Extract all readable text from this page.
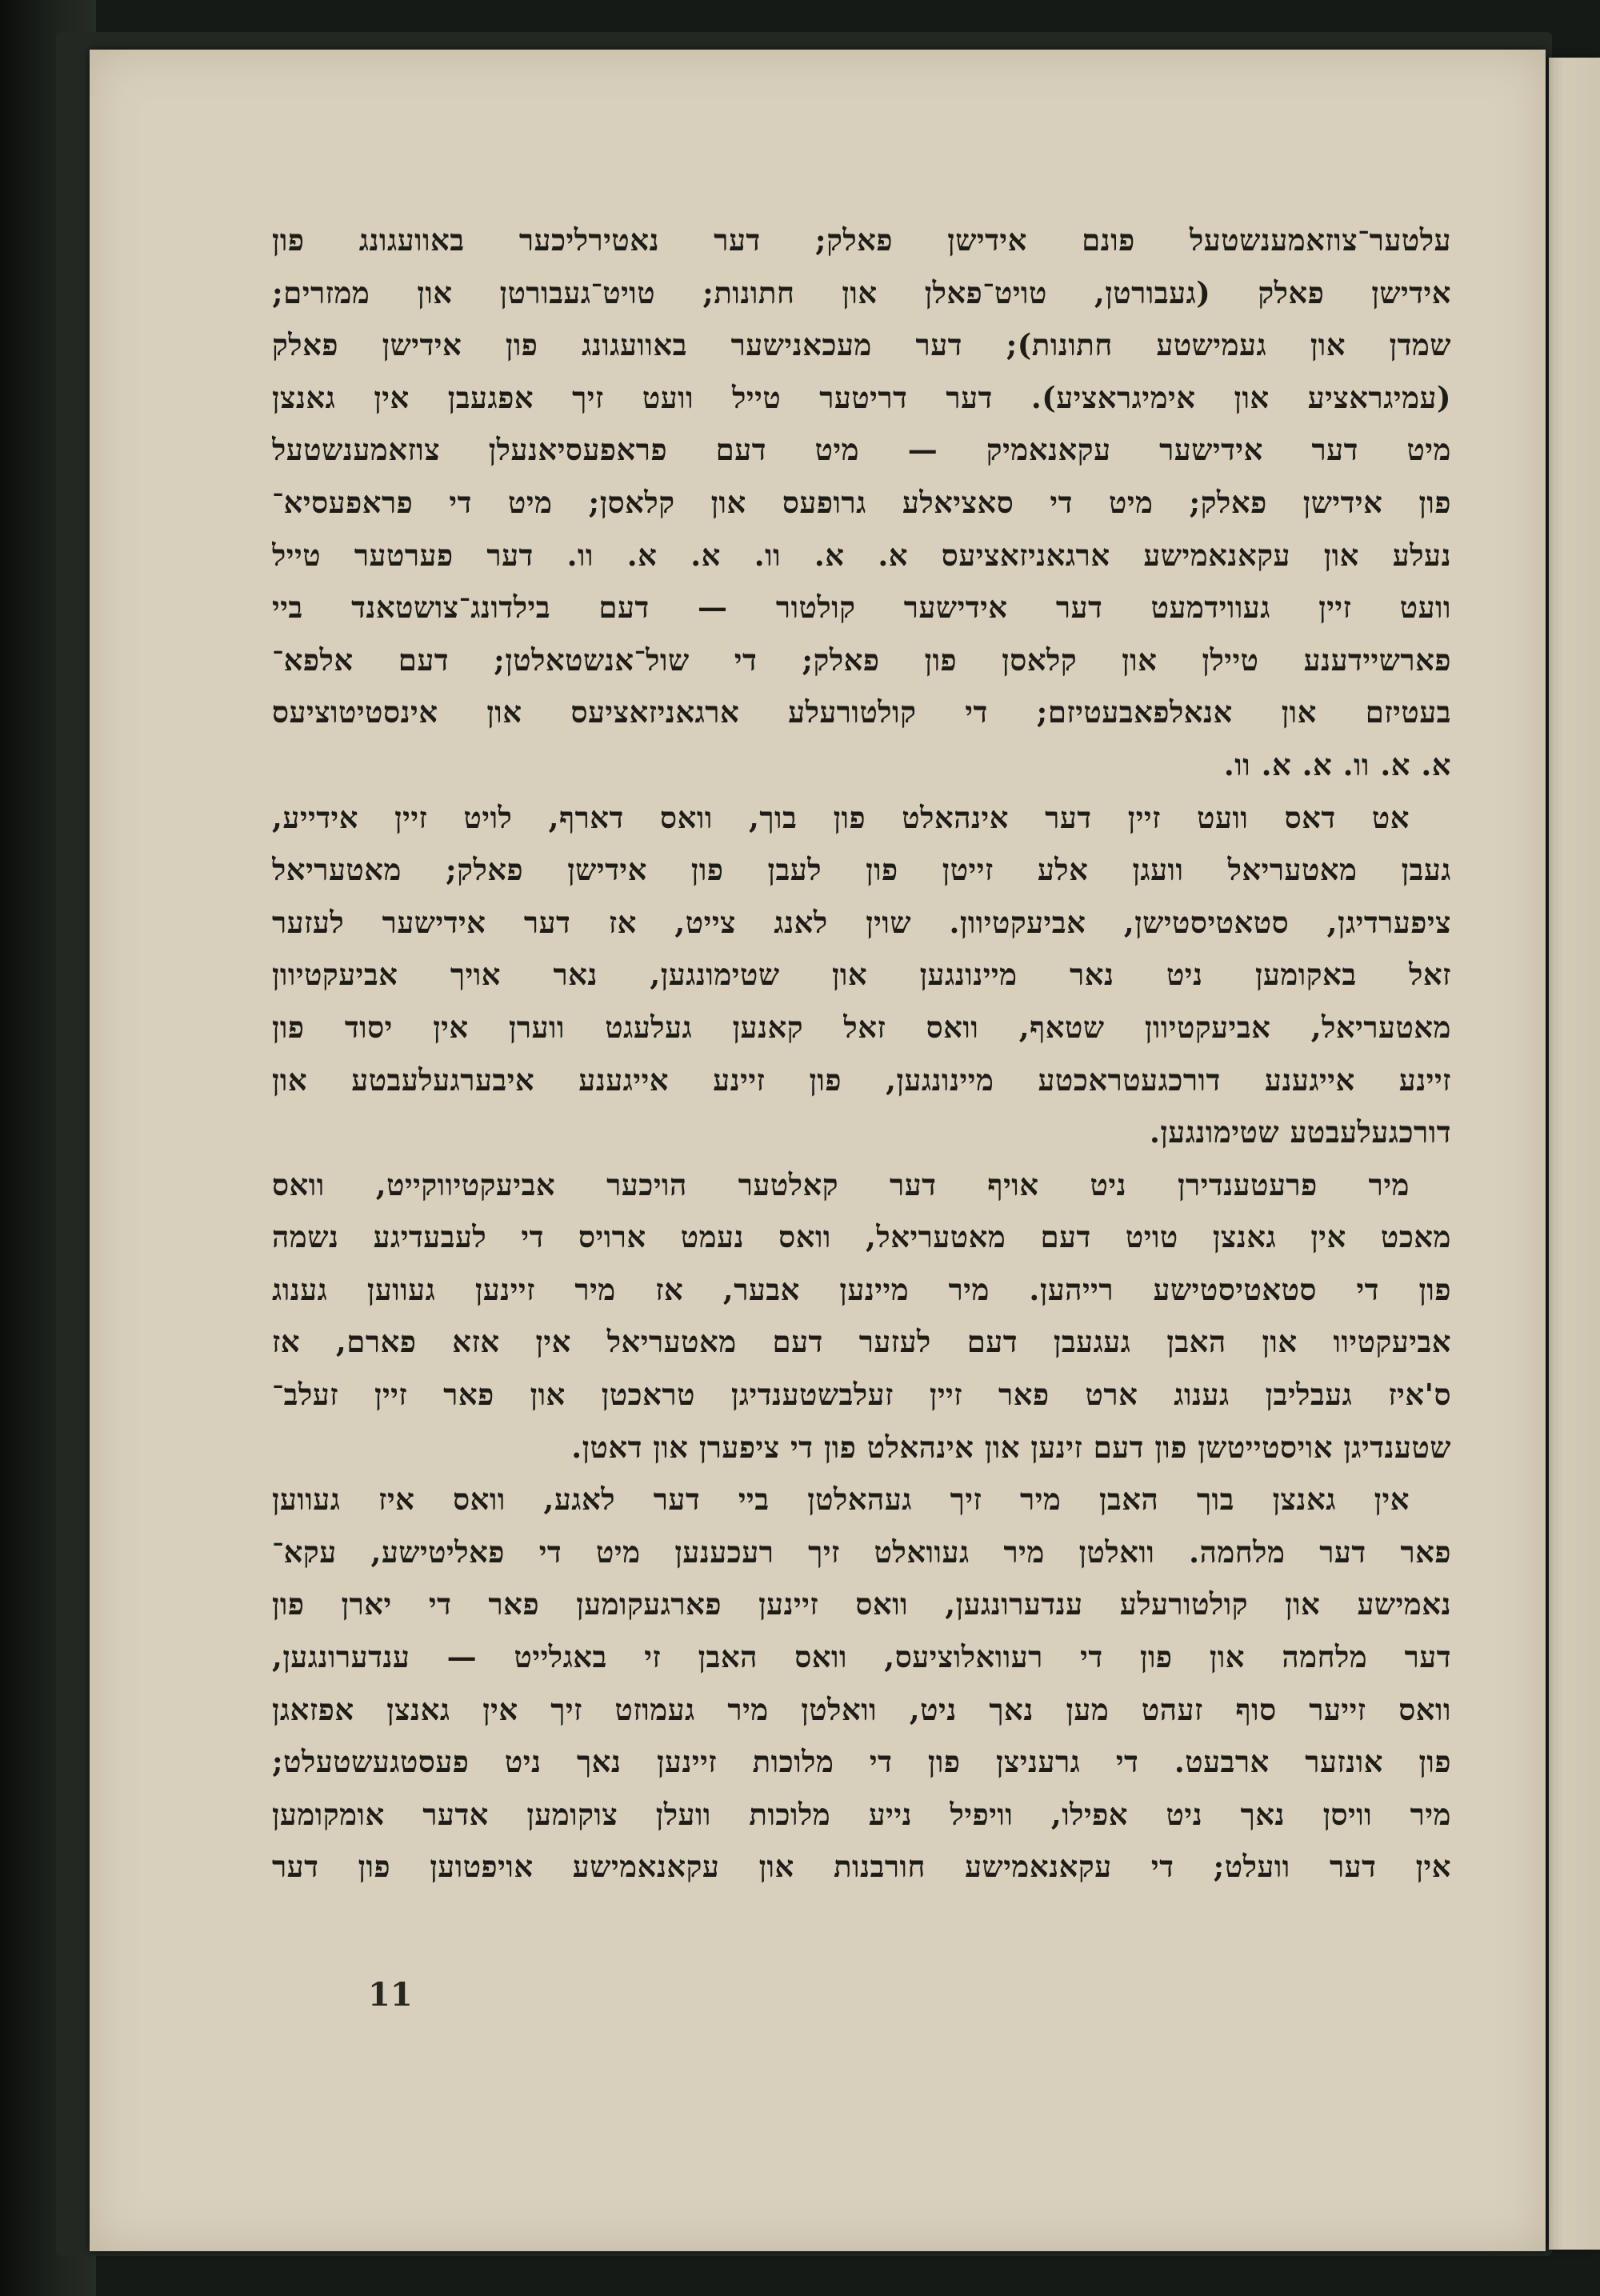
עלטער־צוזאמענשטעל פונם אידישן פאלק; דער נאטירליכער באוועגונג פון
אידישן פאלק (געבורטן, טויט־פאלן און חתונות; טויט־געבורטן און ממזרים;
שמדן און געמישטע חתונות); דער מעכאנישער באוועגונג פון אידישן פאלק
(עמיגראציע און אימיגראציע). דער דריטער טייל וועט זיך אפגעבן אין גאנצן
מיט דער אידישער עקאנאמיק — מיט דעם פראפעסיאנעלן צוזאמענשטעל
פון אידישן פאלק; מיט די סאציאלע גרופעס און קלאסן; מיט די פראפעסיא־
נעלע און עקאנאמישע ארגאניזאציעס א. א. וו. א. א. וו. דער פערטער טייל
וועט זיין געווידמעט דער אידישער קולטור — דעם בילדונג־צושטאנד ביי
פארשיידענע טיילן און קלאסן פון פאלק; די שול־אנשטאלטן; דעם אלפא־
בעטיזם און אנאלפאבעטיזם; די קולטורעלע ארגאניזאציעס און אינסטיטוציעס
א. א. וו. א. א. וו.
אט דאס וועט זיין דער אינהאלט פון בוך, וואס דארף, לויט זיין אידייע,
געבן מאטעריאל וועגן אלע זייטן פון לעבן פון אידישן פאלק; מאטעריאל
ציפערדיגן, סטאטיסטישן, אביעקטיוון. שוין לאנג צייט, אז דער אידישער לעזער
זאל באקומען ניט נאר מיינונגען און שטימונגען, נאר אויך אביעקטיוון
מאטעריאל, אביעקטיוון שטאף, וואס זאל קאנען געלעגט ווערן אין יסוד פון
זיינע אייגענע דורכגעטראכטע מיינונגען, פון זיינע אייגענע איבערגעלעבטע און
דורכגעלעבטע שטימונגען.
מיר פרעטענדירן ניט אויף דער קאלטער הויכער אביעקטיווקייט, וואס
מאכט אין גאנצן טויט דעם מאטעריאל, וואס נעמט ארויס די לעבעדיגע נשמה
פון די סטאטיסטישע רייהען. מיר מיינען אבער, אז מיר זיינען געווען גענוג
אביעקטיוו און האבן געגעבן דעם לעזער דעם מאטעריאל אין אזא פארם, אז
ס'איז געבליבן גענוג ארט פאר זיין זעלבשטענדיגן טראכטן און פאר זיין זעלב־
שטענדיגן אויסטייטשן פון דעם זינען און אינהאלט פון די ציפערן און דאטן.
אין גאנצן בוך האבן מיר זיך געהאלטן ביי דער לאגע, וואס איז געווען
פאר דער מלחמה. וואלטן מיר געוואלט זיך רעכענען מיט די פאליטישע, עקא־
נאמישע און קולטורעלע ענדערונגען, וואס זיינען פארגעקומען פאר די יארן פון
דער מלחמה און פון די רעוואלוציעס, וואס האבן זי באגלייט — ענדערונגען,
וואס זייער סוף זעהט מען נאך ניט, וואלטן מיר געמוזט זיך אין גאנצן אפזאגן
פון אונזער ארבעט. די גרעניצן פון די מלוכות זיינען נאך ניט פעסטגעשטעלט;
מיר וויסן נאך ניט אפילו, וויפיל נייע מלוכות וועלן צוקומען אדער אומקומען
אין דער וועלט; די עקאנאמישע חורבנות און עקאנאמישע אויפטוען פון דער
11
